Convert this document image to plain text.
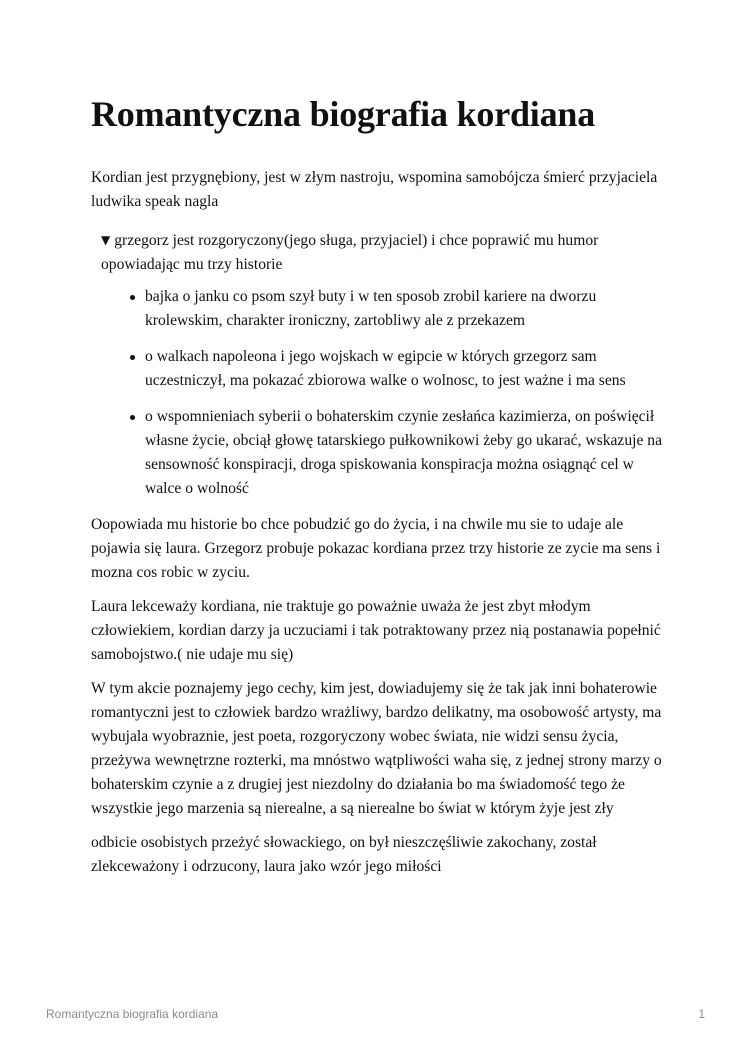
Romantyczna biografia kordiana

Kordian jest przygnębiony, jest w złym nastroju, wspomina samobójcza śmierć przyjaciela ludwika speak nagla

▼ grzegorz jest rozgoryczony(jego sługa, przyjaciel) i chce poprawić mu humor opowiadając mu trzy historie
bajka o janku co psom szył buty i w ten sposob zrobil kariere na dworzu krolewskim, charakter ironiczny, zartobliwy ale z przekazem
o walkach napoleona i jego wojskach w egipcie w których grzegorz sam uczestniczył, ma pokazać zbiorowa walke o wolnosc, to jest ważne i ma sens
o wspomnieniach syberii o bohaterskim czynie zesłańca kazimierza, on poświęcił własne życie, obciął głowę tatarskiego pułkownikowi żeby go ukarać, wskazuje na sensowność konspiracji, droga spiskowania konspiracja można osiągnąć cel w walce o wolność

Oopowiada mu historie bo chce pobudzić go do życia, i na chwile mu sie to udaje ale pojawia się laura. Grzegorz probuje pokazac kordiana przez trzy historie ze zycie ma sens i mozna cos robic w zyciu.

Laura lekceważy kordiana, nie traktuje go poważnie uważa że jest zbyt młodym człowiekiem, kordian darzy ja uczuciami i tak potraktowany przez nią postanawia popełnić samobojstwo.( nie udaje mu się)

W tym akcie poznajemy jego cechy, kim jest, dowiadujemy się że tak jak inni bohaterowie romantyczni jest to człowiek bardzo wrażliwy, bardzo delikatny, ma osobowość artysty, ma wybujala wyobraznie, jest poeta, rozgoryczony wobec świata, nie widzi sensu życia, przeżywa wewnętrzne rozterki, ma mnóstwo wątpliwości waha się, z jednej strony marzy o bohaterskim czynie a z drugiej jest niezdolny do działania bo ma świadomość tego że wszystkie jego marzenia są nierealne, a są nierealne bo świat w którym żyje jest zły

odbicie osobistych przeżyć słowackiego, on był nieszczęśliwie zakochany, został zlekceważony i odrzucony, laura jako wzór jego miłości

Romantyczna biografia kordiana	1
